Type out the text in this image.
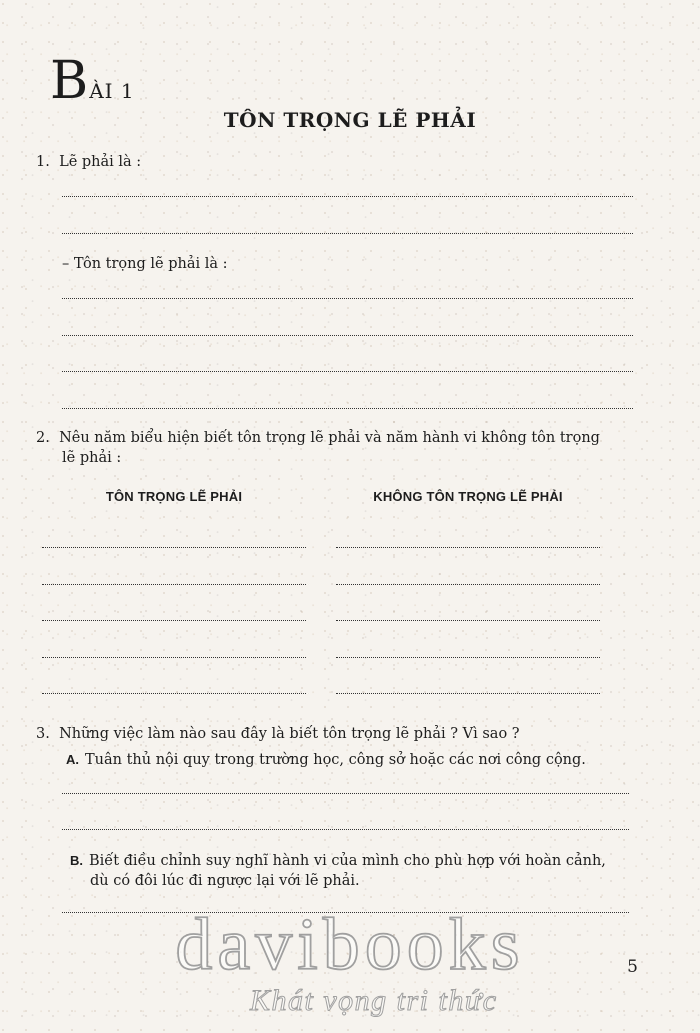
BÀI 1
TÔN TRỌNG LẼ PHẢI
1. Lẽ phải là :
– Tôn trọng lẽ phải là :
2. Nêu năm biểu hiện biết tôn trọng lẽ phải và năm hành vi không tôn trọng
lẽ phải :
TÔN TRỌNG LẼ PHẢI	KHÔNG TÔN TRỌNG LẼ PHẢI
3. Những việc làm nào sau đây là biết tôn trọng lẽ phải ? Vì sao ?
A. Tuân thủ nội quy trong trường học, công sở hoặc các nơi công cộng.
B. Biết điều chỉnh suy nghĩ hành vi của mình cho phù hợp với hoàn cảnh,
dù có đôi lúc đi ngược lại với lẽ phải.
davibooks
Khát vọng tri thức
5
